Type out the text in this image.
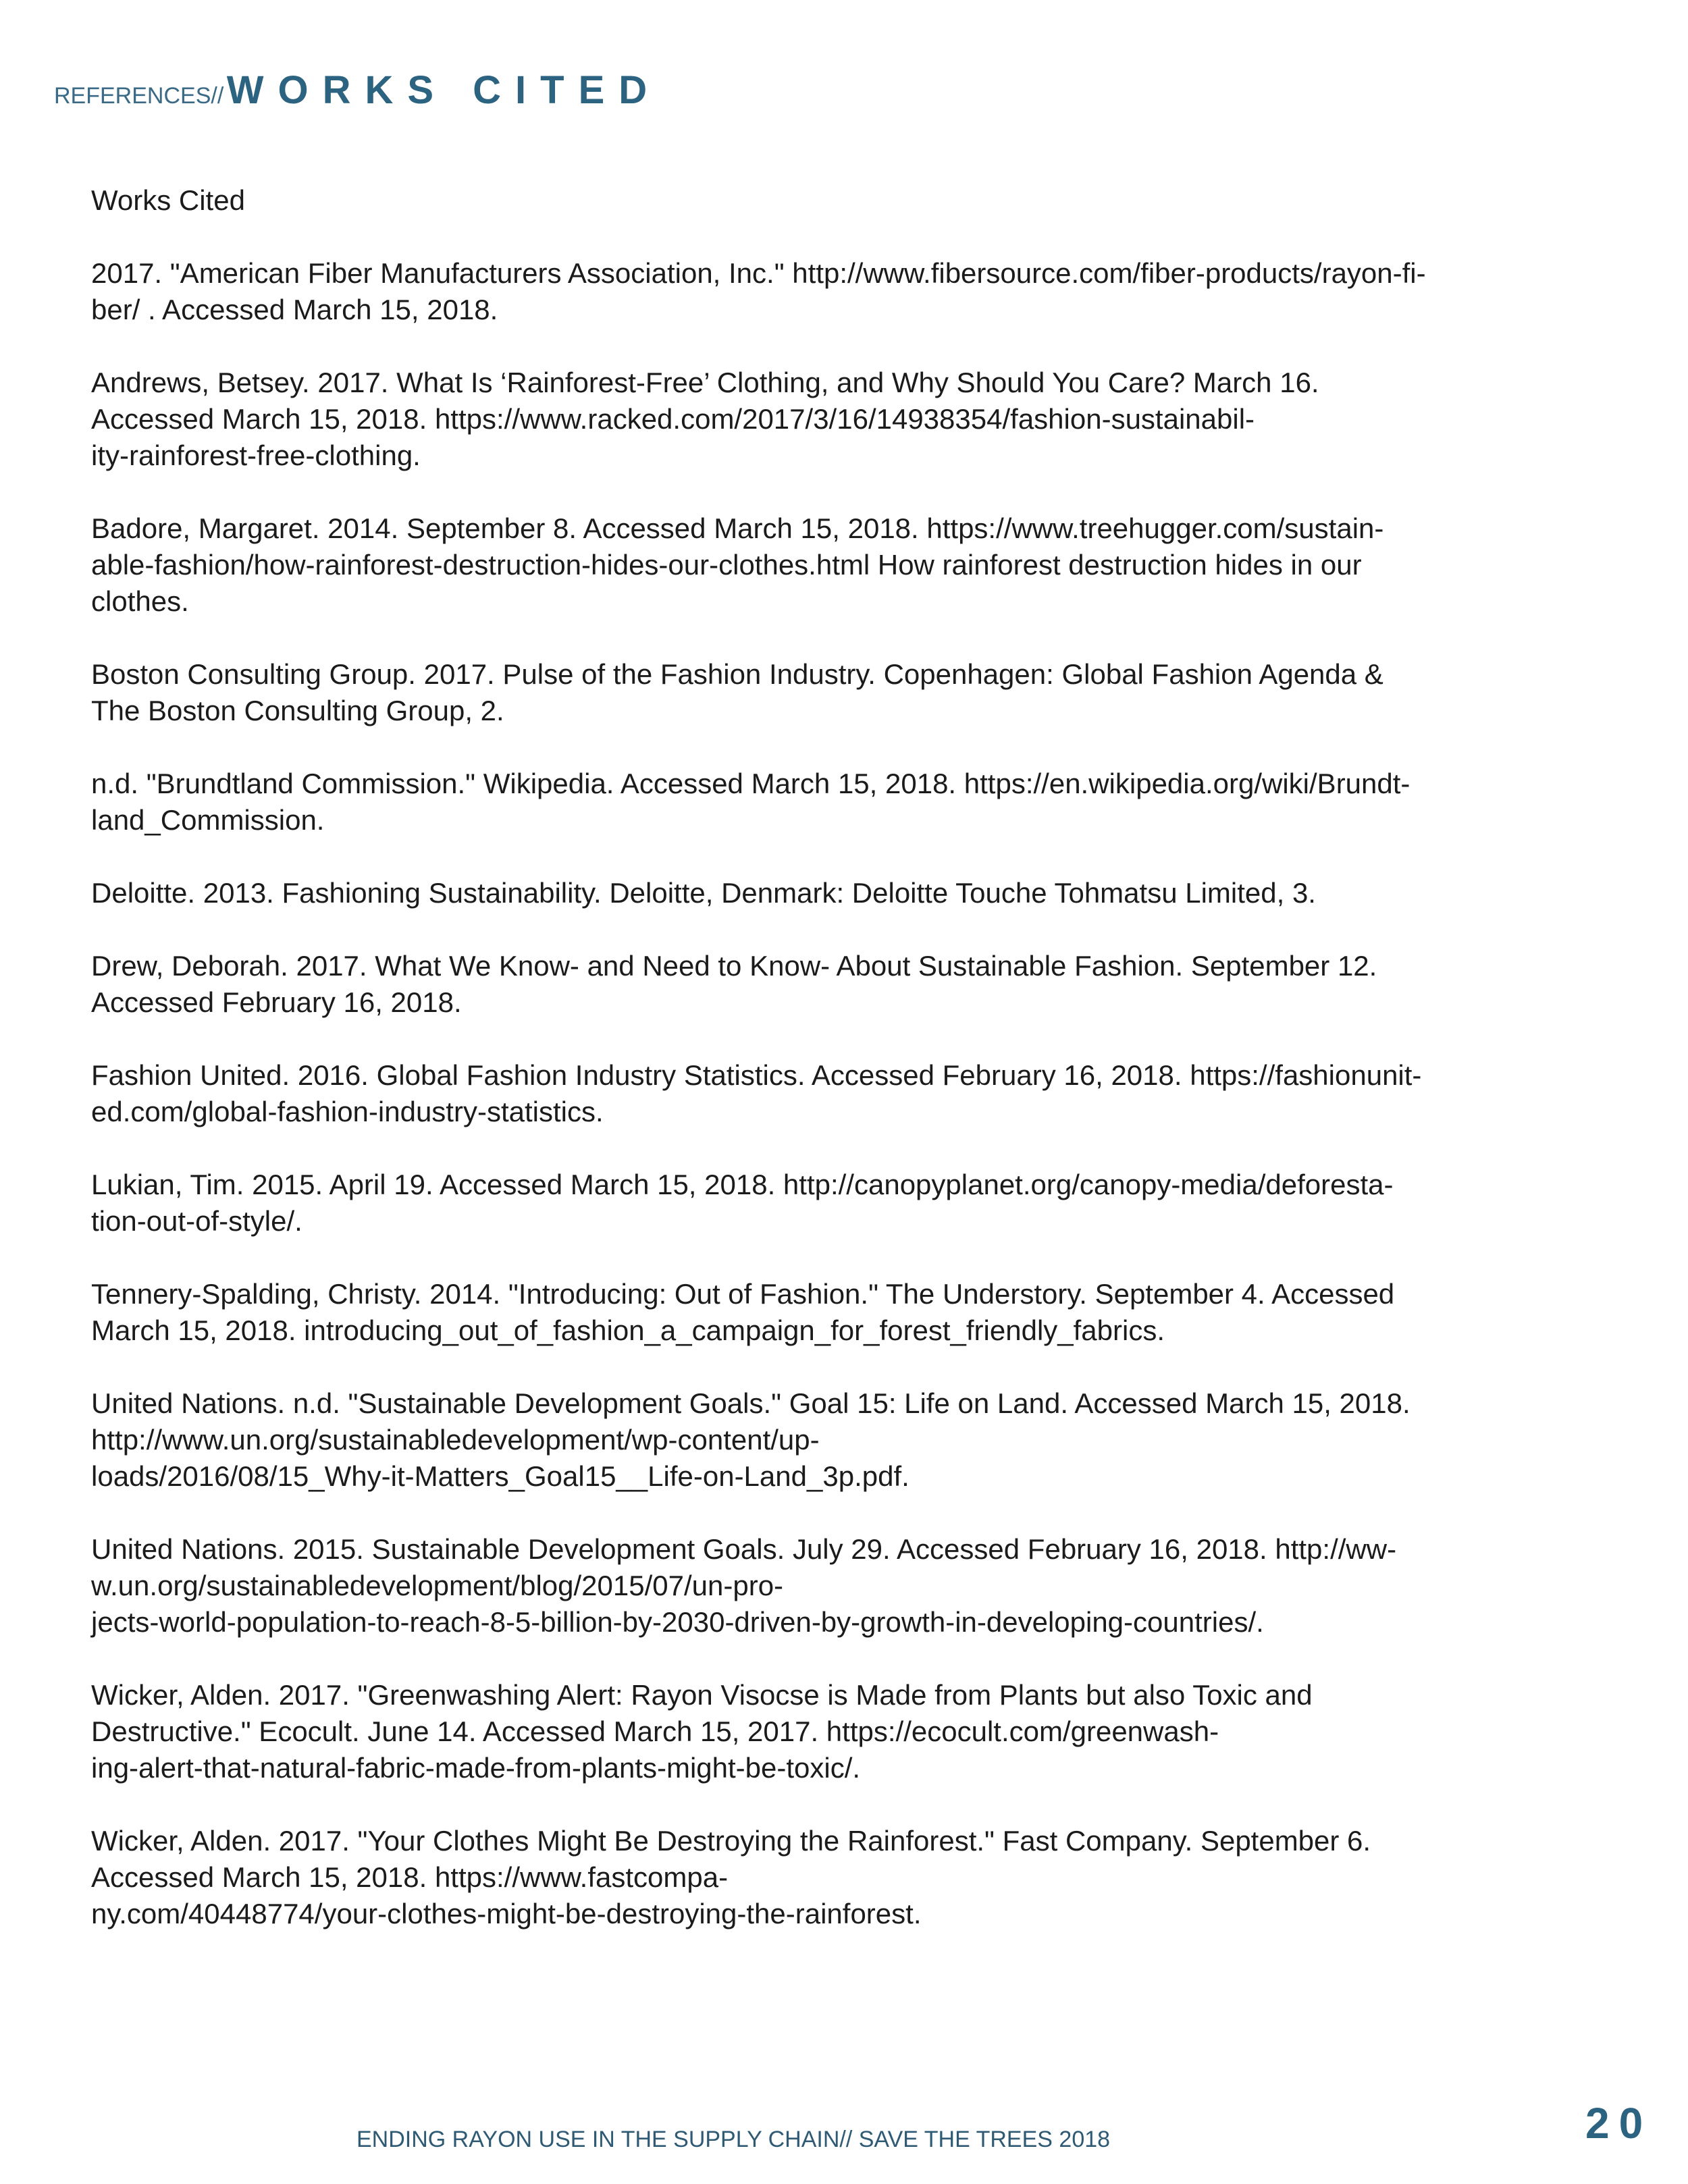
REFERENCES// WORKS CITED
Works Cited
2017. "American Fiber Manufacturers Association, Inc." http://www.fibersource.com/fiber-products/rayon-fi-
ber/ . Accessed March 15, 2018.
Andrews, Betsey. 2017. What Is ‘Rainforest-Free’ Clothing, and Why Should You Care? March 16.
Accessed March 15, 2018. https://www.racked.com/2017/3/16/14938354/fashion-sustainabil-
ity-rainforest-free-clothing.
Badore, Margaret. 2014. September 8. Accessed March 15, 2018. https://www.treehugger.com/sustain-
able-fashion/how-rainforest-destruction-hides-our-clothes.html How rainforest destruction hides in our
clothes.
Boston Consulting Group. 2017. Pulse of the Fashion Industry. Copenhagen: Global Fashion Agenda &
The Boston Consulting Group, 2.
n.d. "Brundtland Commission." Wikipedia. Accessed March 15, 2018. https://en.wikipedia.org/wiki/Brundt-
land_Commission.
Deloitte. 2013. Fashioning Sustainability. Deloitte, Denmark: Deloitte Touche Tohmatsu Limited, 3.
Drew, Deborah. 2017. What We Know- and Need to Know- About Sustainable Fashion. September 12.
Accessed February 16, 2018.
Fashion United. 2016. Global Fashion Industry Statistics. Accessed February 16, 2018. https://fashionunit-
ed.com/global-fashion-industry-statistics.
Lukian, Tim. 2015. April 19. Accessed March 15, 2018. http://canopyplanet.org/canopy-media/deforesta-
tion-out-of-style/.
Tennery-Spalding, Christy. 2014. "Introducing: Out of Fashion." The Understory. September 4. Accessed
March 15, 2018. introducing_out_of_fashion_a_campaign_for_forest_friendly_fabrics.
United Nations. n.d. "Sustainable Development Goals." Goal 15: Life on Land. Accessed March 15, 2018.
http://www.un.org/sustainabledevelopment/wp-content/up-
loads/2016/08/15_Why-it-Matters_Goal15__Life-on-Land_3p.pdf.
United Nations. 2015. Sustainable Development Goals. July 29. Accessed February 16, 2018. http://ww-
w.un.org/sustainabledevelopment/blog/2015/07/un-pro-
jects-world-population-to-reach-8-5-billion-by-2030-driven-by-growth-in-developing-countries/.
Wicker, Alden. 2017. "Greenwashing Alert: Rayon Visocse is Made from Plants but also Toxic and
Destructive." Ecocult. June 14. Accessed March 15, 2017. https://ecocult.com/greenwash-
ing-alert-that-natural-fabric-made-from-plants-might-be-toxic/.
Wicker, Alden. 2017. "Your Clothes Might Be Destroying the Rainforest." Fast Company. September 6.
Accessed March 15, 2018. https://www.fastcompa-
ny.com/40448774/your-clothes-might-be-destroying-the-rainforest.
ENDING RAYON USE IN THE SUPPLY CHAIN// SAVE THE TREES 2018	20
